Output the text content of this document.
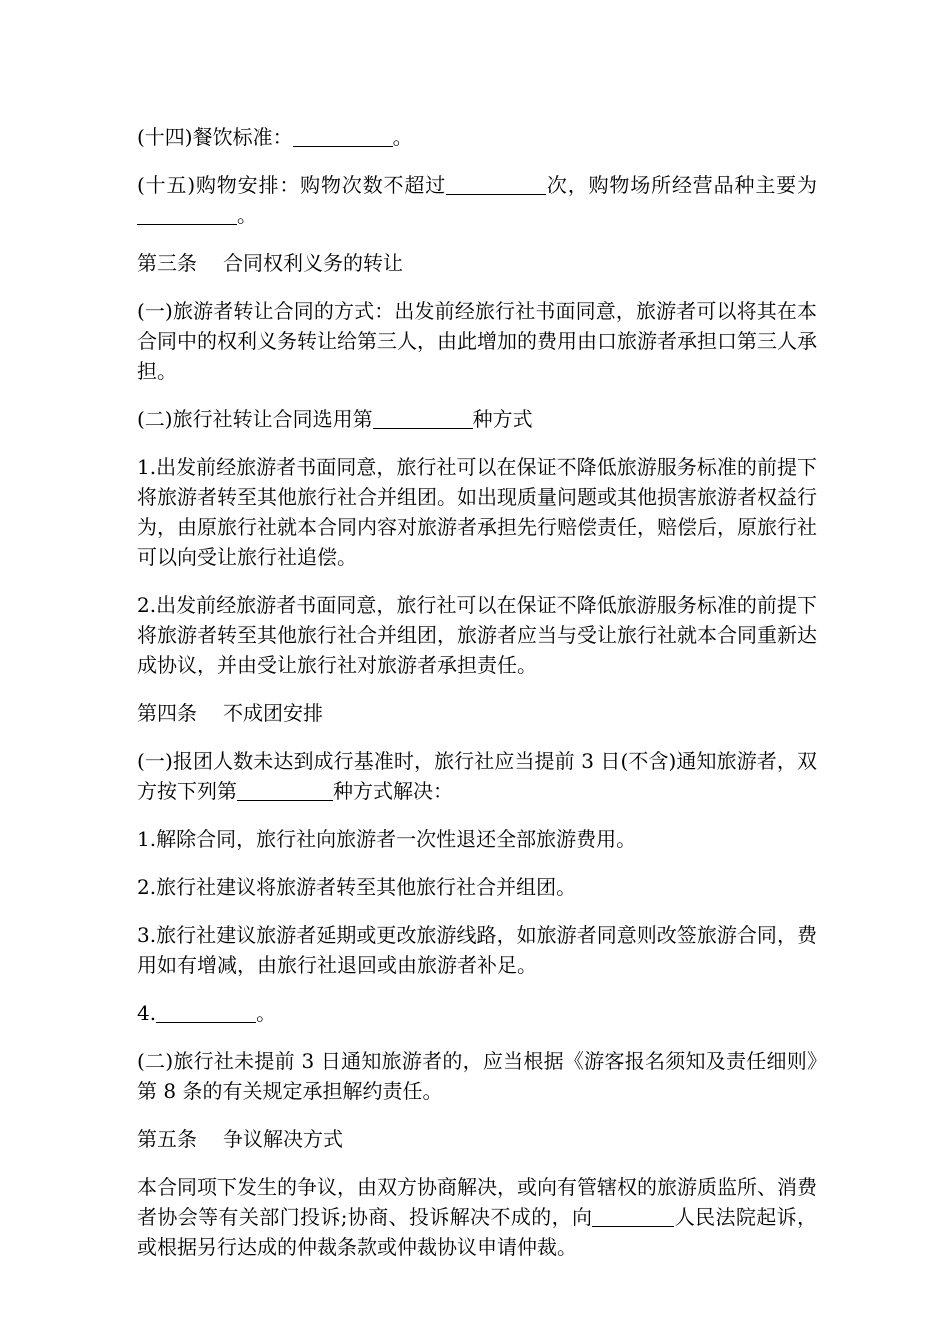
(十四)餐饮标准：	。

(十五)购物安排：购物次数不超过	次，购物场所经营品种主要为。

第三条 合同权利义务的转让

(一)旅游者转让合同的方式：出发前经旅行社书面同意，旅游者可以将其在本合同中的权利义务转让给第三人，由此增加的费用由口旅游者承担口第三人承担。

(二)旅行社转让合同选用第	种方式

1.出发前经旅游者书面同意，旅行社可以在保证不降低旅游服务标准的前提下将旅游者转至其他旅行社合并组团。如出现质量问题或其他损害旅游者权益行为，由原旅行社就本合同内容对旅游者承担先行赔偿责任，赔偿后，原旅行社可以向受让旅行社追偿。

2.出发前经旅游者书面同意，旅行社可以在保证不降低旅游服务标准的前提下将旅游者转至其他旅行社合并组团，旅游者应当与受让旅行社就本合同重新达成协议，并由受让旅行社对旅游者承担责任。

第四条 不成团安排

(一)报团人数未达到成行基准时，旅行社应当提前 3 日(不含)通知旅游者，双方按下列第	种方式解决：

1.解除合同，旅行社向旅游者一次性退还全部旅游费用。

2.旅行社建议将旅游者转至其他旅行社合并组团。

3.旅行社建议旅游者延期或更改旅游线路，如旅游者同意则改签旅游合同，费用如有增减，由旅行社退回或由旅游者补足。

4.	。

(二)旅行社未提前 3 日通知旅游者的，应当根据《游客报名须知及责任细则》第 8 条的有关规定承担解约责任。

第五条 争议解决方式

本合同项下发生的争议，由双方协商解决，或向有管辖权的旅游质监所、消费者协会等有关部门投诉;协商、投诉解决不成的，向	人民法院起诉，或根据另行达成的仲裁条款或仲裁协议申请仲裁。
